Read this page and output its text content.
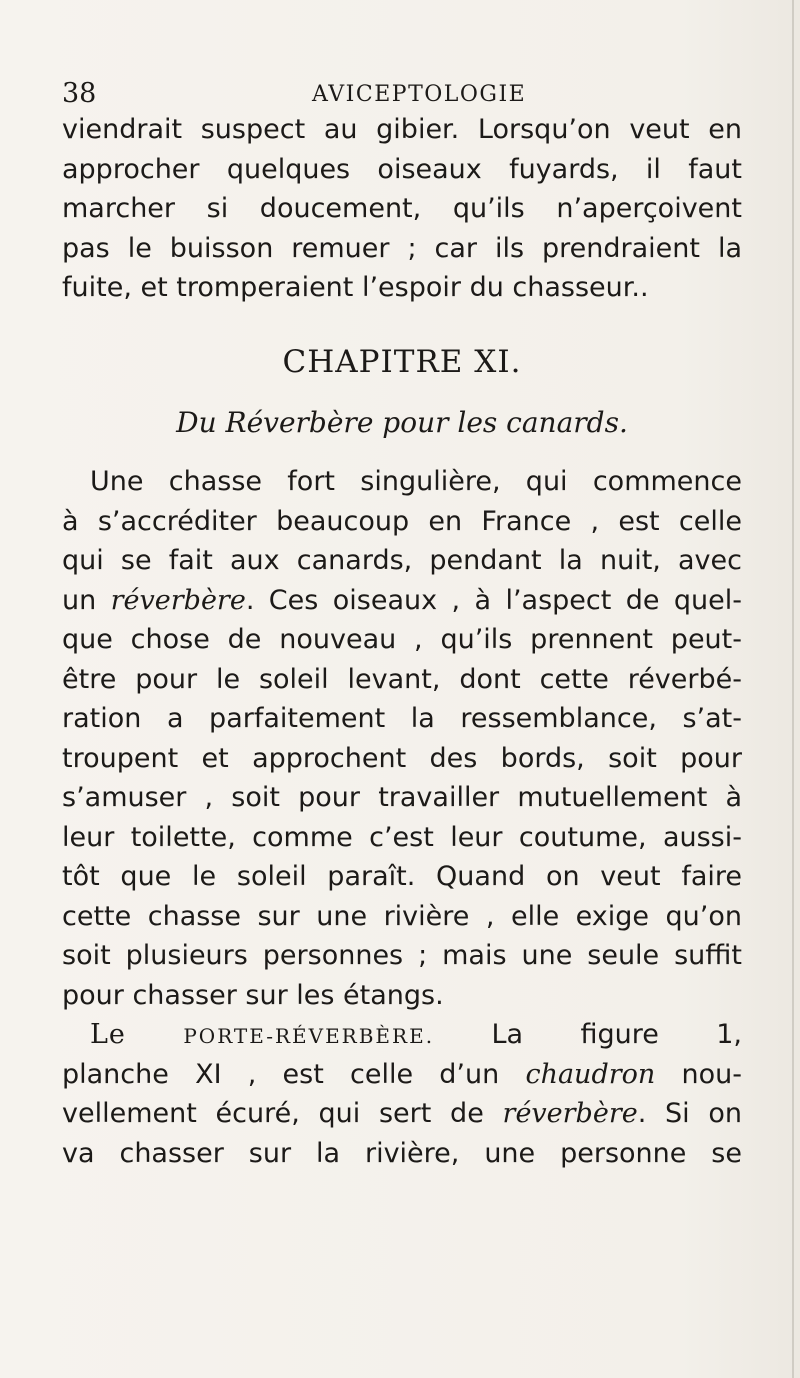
38	AVICEPTOLOGIE
viendrait suspect au gibier. Lorsqu’on veut en
approcher quelques oiseaux fuyards, il faut
marcher si doucement, qu’ils n’aperçoivent
pas le buisson remuer ; car ils prendraient la
fuite, et tromperaient l’espoir du chasseur..
CHAPITRE XI.
Du Réverbère pour les canards.
Une chasse fort singulière, qui commence
à s’accréditer beaucoup en France , est celle
qui se fait aux canards, pendant la nuit, avec
un réverbère. Ces oiseaux , à l’aspect de quel-
que chose de nouveau , qu’ils prennent peut-
être pour le soleil levant, dont cette réverbé-
ration a parfaitement la ressemblance, s’at-
troupent et approchent des bords, soit pour
s’amuser , soit pour travailler mutuellement à
leur toilette, comme c’est leur coutume, aussi-
tôt que le soleil paraît. Quand on veut faire
cette chasse sur une rivière , elle exige qu’on
soit plusieurs personnes ; mais une seule suffit
pour chasser sur les étangs.
Le	PORTE-RÉVERBÈRE. La figure 1,
planche XI , est celle d’un chaudron nou-
vellement écuré, qui sert de réverbère. Si on
va chasser sur la rivière, une personne se
